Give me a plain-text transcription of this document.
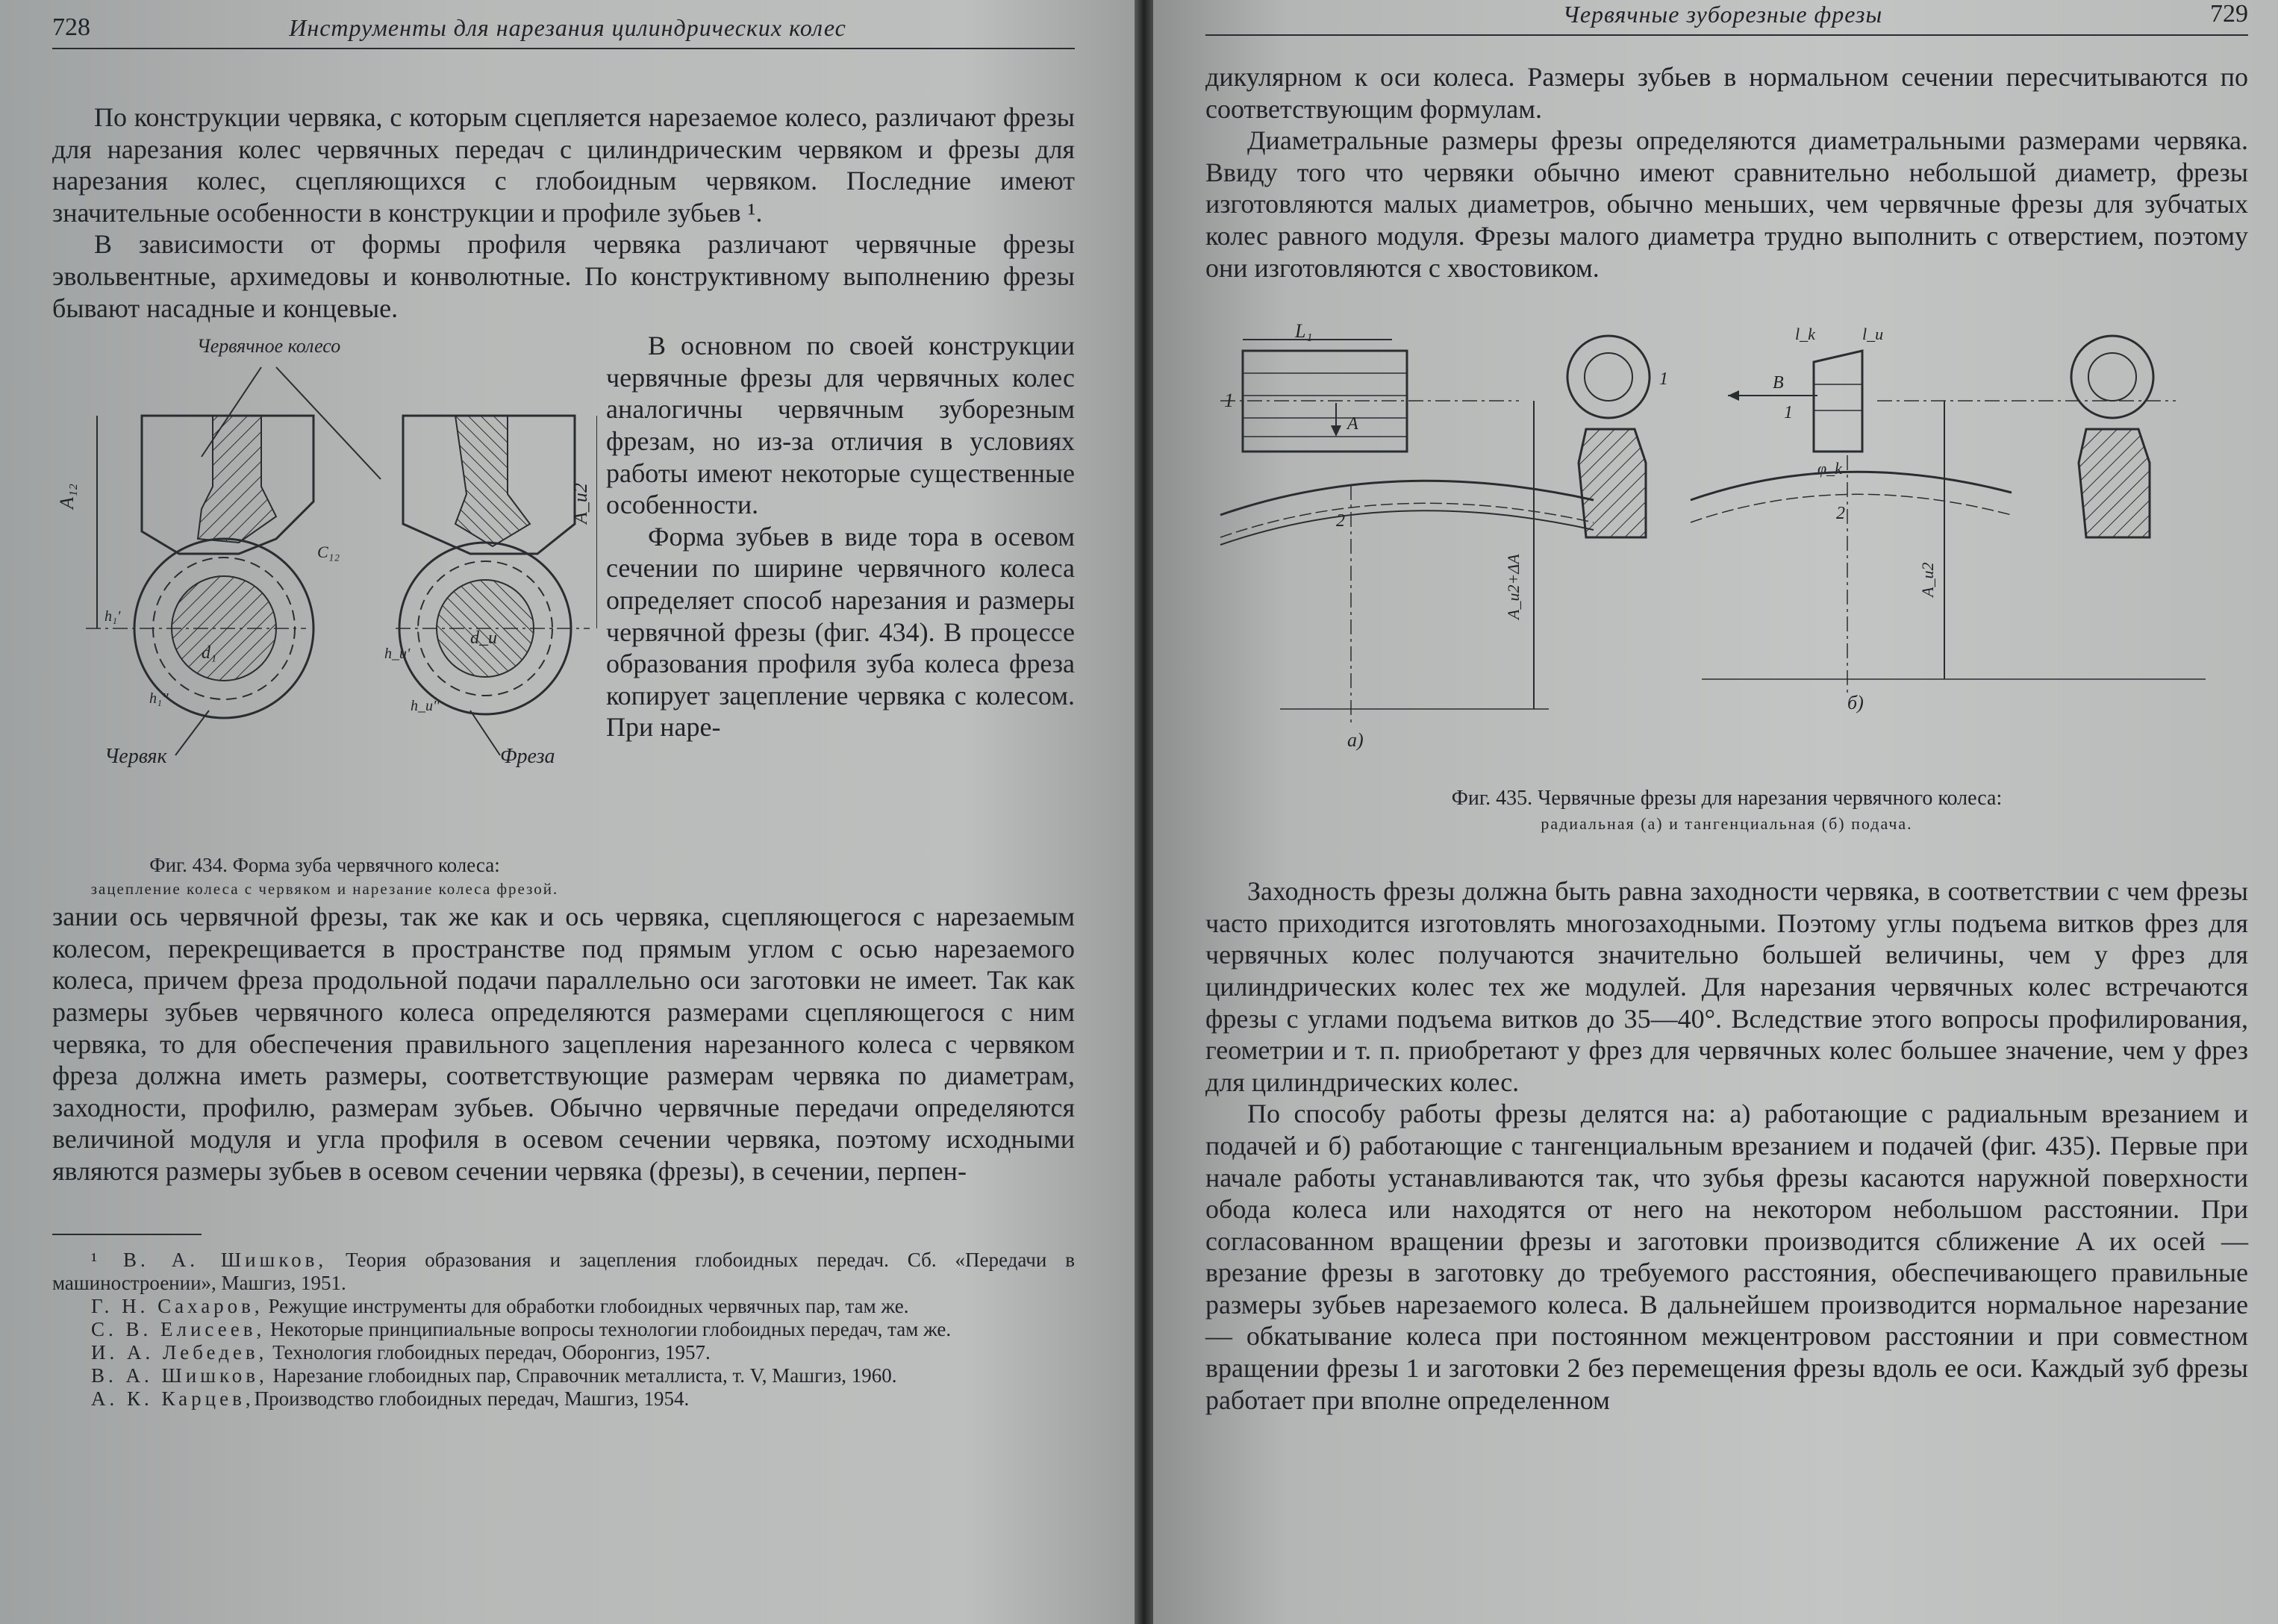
728	Инструменты для нарезания цилиндрических колес

По конструкции червяка, с которым сцепляется нарезаемое колесо, различают фрезы для нарезания колес червячных передач с цилиндрическим червяком и фрезы для нарезания колес, сцепляющихся с глобоидным червяком. Последние имеют значительные особенности в конструкции и профиле зубьев ¹.

В зависимости от формы профиля червяка различают червячные фрезы эвольвентные, архимедовы и конволютные. По конструктивному выполнению фрезы бывают насадные и концевые.

Червячное колесо
A₁₂	A_u2
C₁₂
d₁
d_u
h₁'
h₁''
h_u'
h_u''
Червяк	Фреза
Фиг. 434. Форма зуба червячного колеса:
зацепление колеса с червяком и нарезание колеса фрезой.

В основном по своей конструкции червячные фрезы для червячных колес аналогичны червячным зуборезным фрезам, но из-за отличия в условиях работы имеют некоторые существенные особенности.

Форма зубьев в виде тора в осевом сечении по ширине червячного колеса определяет способ нарезания и размеры червячной фрезы (фиг. 434). В процессе образования профиля зуба колеса фреза копирует зацепление червяка с колесом. При наре-

зании ось червячной фрезы, так же как и ось червяка, сцепляющегося с нарезаемым колесом, перекрещивается в пространстве под прямым углом с осью нарезаемого колеса, причем фреза продольной подачи параллельно оси заготовки не имеет. Так как размеры зубьев червячного колеса определяются размерами сцепляющегося с ним червяка, то для обеспечения правильного зацепления нарезанного колеса с червяком фреза должна иметь размеры, соответствующие размерам червяка по диаметрам, заходности, профилю, размерам зубьев. Обычно червячные передачи определяются величиной модуля и угла профиля в осевом сечении червяка, поэтому исходными являются размеры зубьев в осевом сечении червяка (фрезы), в сечении, перпен-

¹ В. А. Шишков, Теория образования и зацепления глобоидных передач. Сб. «Передачи в машиностроении», Машгиз, 1951.

Г. Н. Сахаров, Режущие инструменты для обработки глобоидных червячных пар, там же.

С. В. Елисеев, Некоторые принципиальные вопросы технологии глобоидных передач, там же.

И. А. Лебедев, Технология глобоидных передач, Оборонгиз, 1957.

В. А. Шишков, Нарезание глобоидных пар, Справочник металлиста, т. V, Машгиз, 1960.

А. К. Карцев,Производство глобоидных передач, Машгиз, 1954.

Червячные зуборезные фрезы	729

дикулярном к оси колеса. Размеры зубьев в нормальном сечении пересчитываются по соответствующим формулам.

Диаметральные размеры фрезы определяются диаметральными размерами червяка. Ввиду того что червяки обычно имеют сравнительно небольшой диаметр, фрезы изготовляются малых диаметров, обычно меньших, чем червячные фрезы для зубчатых колес равного модуля. Фрезы малого диаметра трудно выполнить с отверстием, поэтому они изготовляются с хвостовиком.

L₁
1
A
2
A_u2+ΔA
1
а)
l_k	l_u
B
1
φ_k
2
A_u2
б)
Фиг. 435. Червячные фрезы для нарезания червячного колеса:
радиальная (а) и тангенциальная (б) подача.

Заходность фрезы должна быть равна заходности червяка, в соответствии с чем фрезы часто приходится изготовлять многозаходными. Поэтому углы подъема витков фрез для червячных колес получаются значительно большей величины, чем у фрез для цилиндрических колес тех же модулей. Для нарезания червячных колес встречаются фрезы с углами подъема витков до 35—40°. Вследствие этого вопросы профилирования, геометрии и т. п. приобретают у фрез для червячных колес большее значение, чем у фрез для цилиндрических колес.

По способу работы фрезы делятся на: а) работающие с радиальным врезанием и подачей и б) работающие с тангенциальным врезанием и подачей (фиг. 435). Первые при начале работы устанавливаются так, что зубья фрезы касаются наружной поверхности обода колеса или находятся от него на некотором небольшом расстоянии. При согласованном вращении фрезы и заготовки производится сближение A их осей — врезание фрезы в заготовку до требуемого расстояния, обеспечивающего правильные размеры зубьев нарезаемого колеса. В дальнейшем производится нормальное нарезание — обкатывание колеса при постоянном межцентровом расстоянии и при совместном вращении фрезы 1 и заготовки 2 без перемещения фрезы вдоль ее оси. Каждый зуб фрезы работает при вполне определенном
